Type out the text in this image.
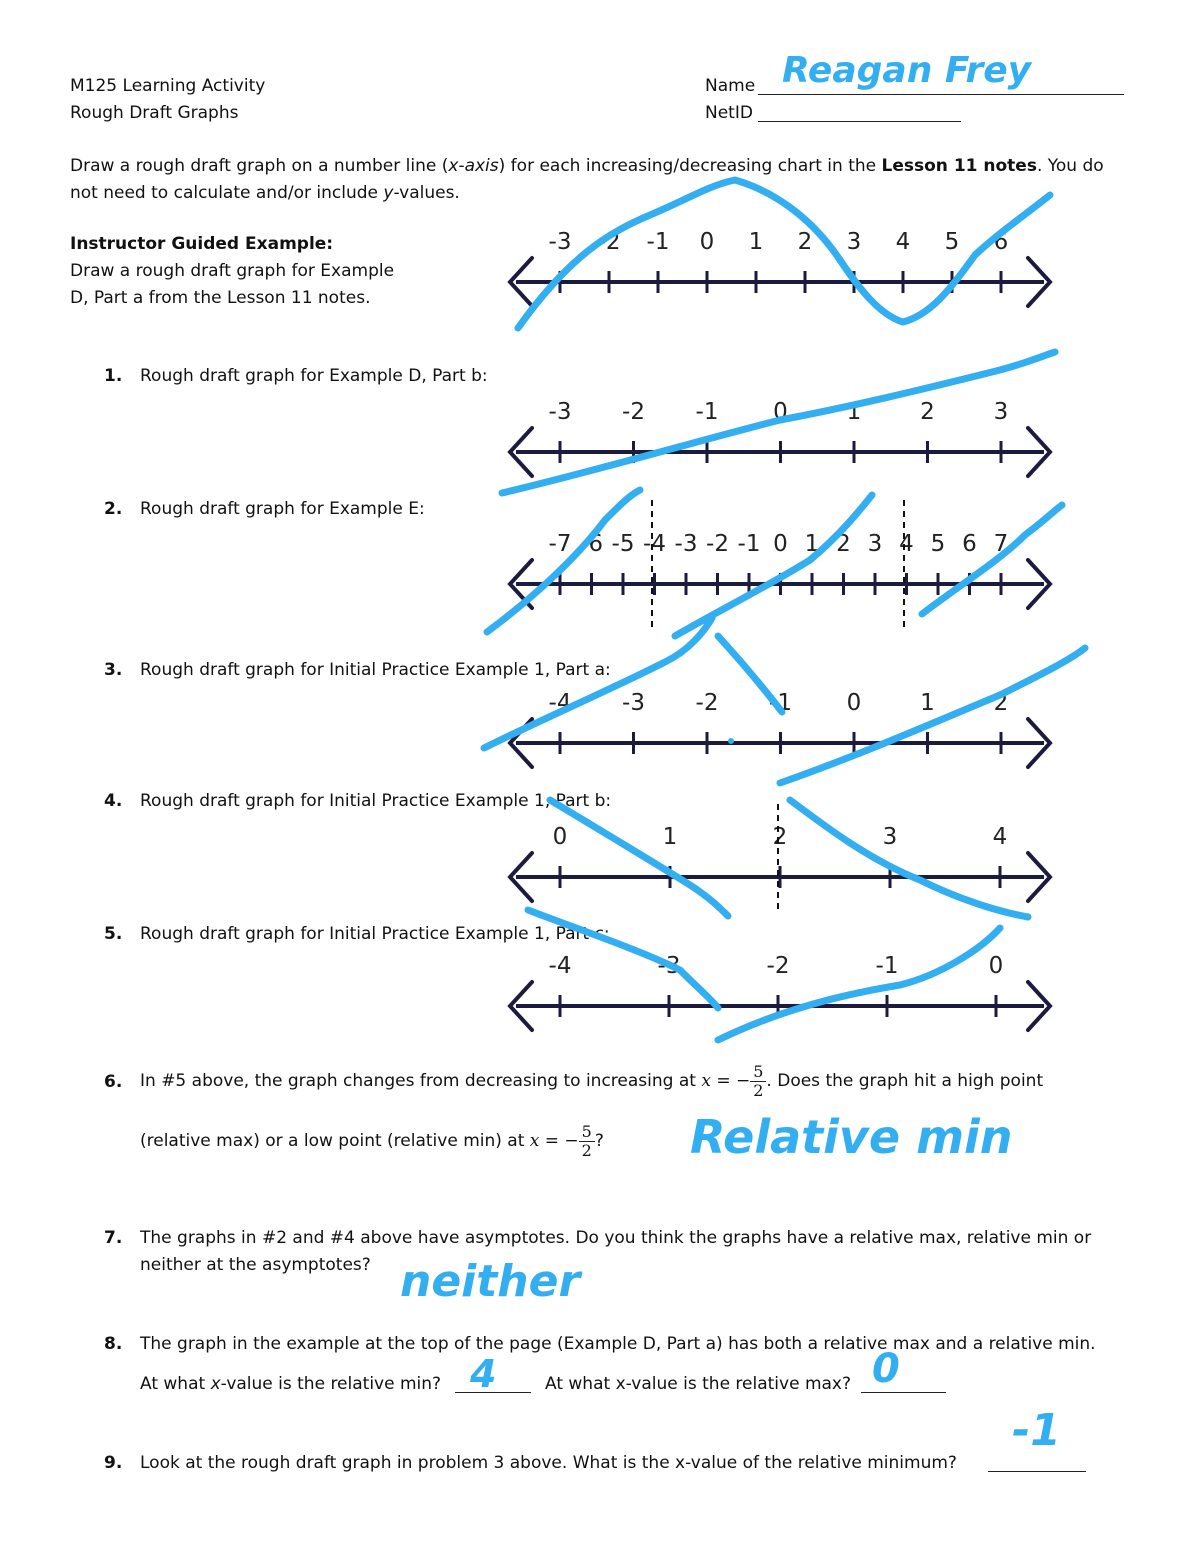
M125 Learning Activity
Rough Draft Graphs
Name Reagan Frey
NetID
Draw a rough draft graph on a number line (x-axis) for each increasing/decreasing chart in the Lesson 11 notes. You do
not need to calculate and/or include y-values.
Instructor Guided Example:
Draw a rough draft graph for Example
D, Part a from the Lesson 11 notes.
1. Rough draft graph for Example D, Part b:
2. Rough draft graph for Example E:
3. Rough draft graph for Initial Practice Example 1, Part a:
4. Rough draft graph for Initial Practice Example 1, Part b:
5. Rough draft graph for Initial Practice Example 1, Part c:
6. In #5 above, the graph changes from decreasing to increasing at x = − $\frac{5}{2}$ . Does the graph hit a high point
(relative max) or a low point (relative min) at x = − $\frac{5}{2}$ ? Relative min
7. The graphs in #2 and #4 above have asymptotes. Do you think the graphs have a relative max, relative min or
neither at the asymptotes? neither
8. The graph in the example at the top of the page (Example D, Part a) has both a relative max and a relative min.
At what x-value is the relative min? 4	At what x-value is the relative max? 0
9. Look at the rough draft graph in problem 3 above. What is the x-value of the relative minimum?
-1
-3 -2 -1 0 1 2 3 4 5 6
-3 -2 -1 0	1	2	3
-7 -6 -5 -4 -3 -2 -1 0 1 2 3 4 5 6 7
-4 -3 -2 -1 0	1	2
0	1	2	3	4
-4	-3	-2	-1	0
